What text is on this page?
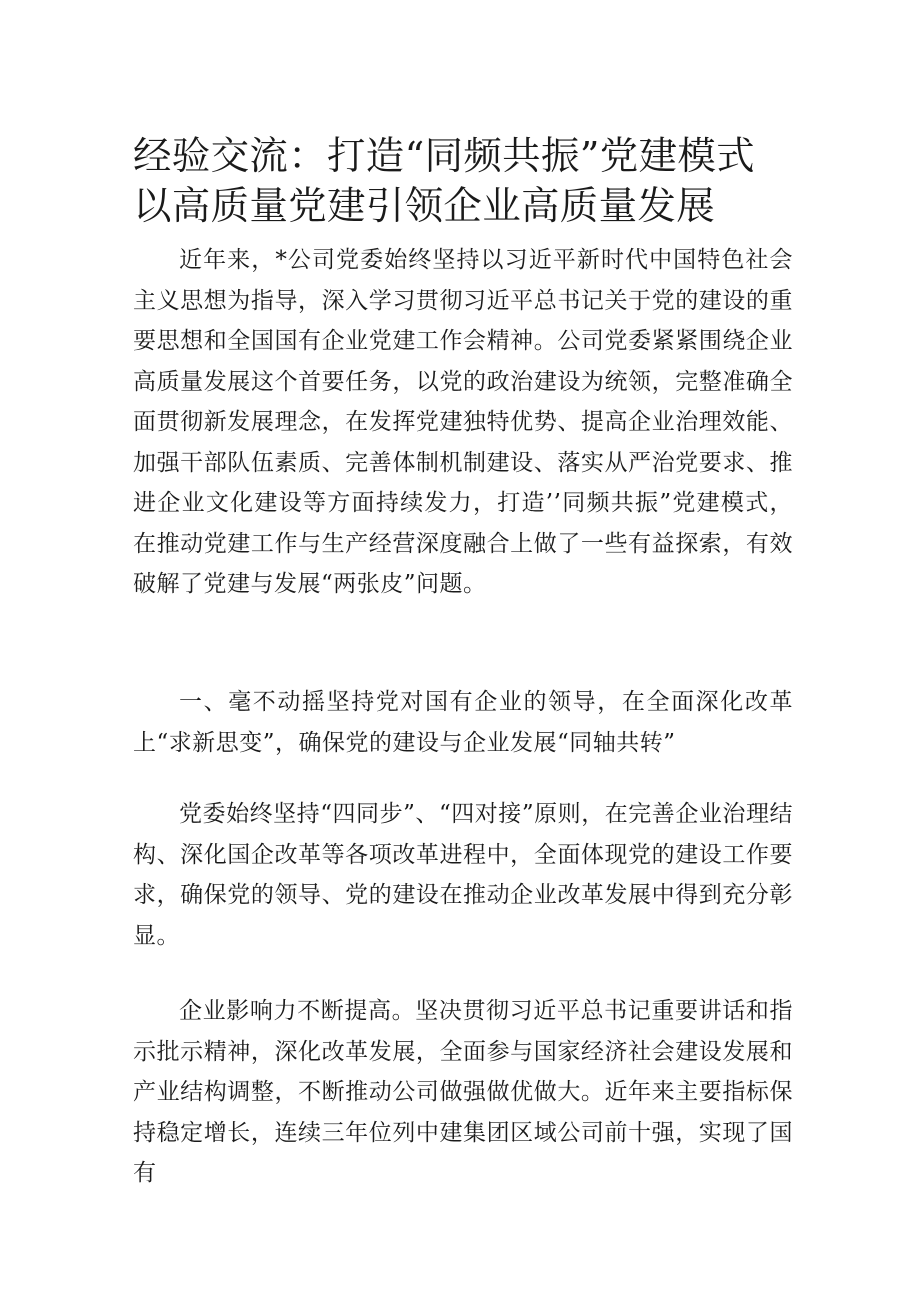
经验交流：打造“同频共振”党建模式以高质量党建引领企业高质量发展

近年来，*公司党委始终坚持以习近平新时代中国特色社会主义思想为指导，深入学习贯彻习近平总书记关于党的建设的重要思想和全国国有企业党建工作会精神。公司党委紧紧围绕企业高质量发展这个首要任务，以党的政治建设为统领，完整准确全面贯彻新发展理念，在发挥党建独特优势、提高企业治理效能、加强干部队伍素质、完善体制机制建设、落实从严治党要求、推进企业文化建设等方面持续发力，打造’’同频共振”党建模式，在推动党建工作与生产经营深度融合上做了一些有益探索，有效破解了党建与发展“两张皮”问题。

一、毫不动摇坚持党对国有企业的领导，在全面深化改革上“求新思变”，确保党的建设与企业发展“同轴共转”

党委始终坚持“四同步”、“四对接”原则，在完善企业治理结构、深化国企改革等各项改革进程中，全面体现党的建设工作要求，确保党的领导、党的建设在推动企业改革发展中得到充分彰显。

企业影响力不断提高。坚决贯彻习近平总书记重要讲话和指示批示精神，深化改革发展，全面参与国家经济社会建设发展和产业结构调整，不断推动公司做强做优做大。近年来主要指标保持稳定增长，连续三年位列中建集团区域公司前十强，实现了国有
